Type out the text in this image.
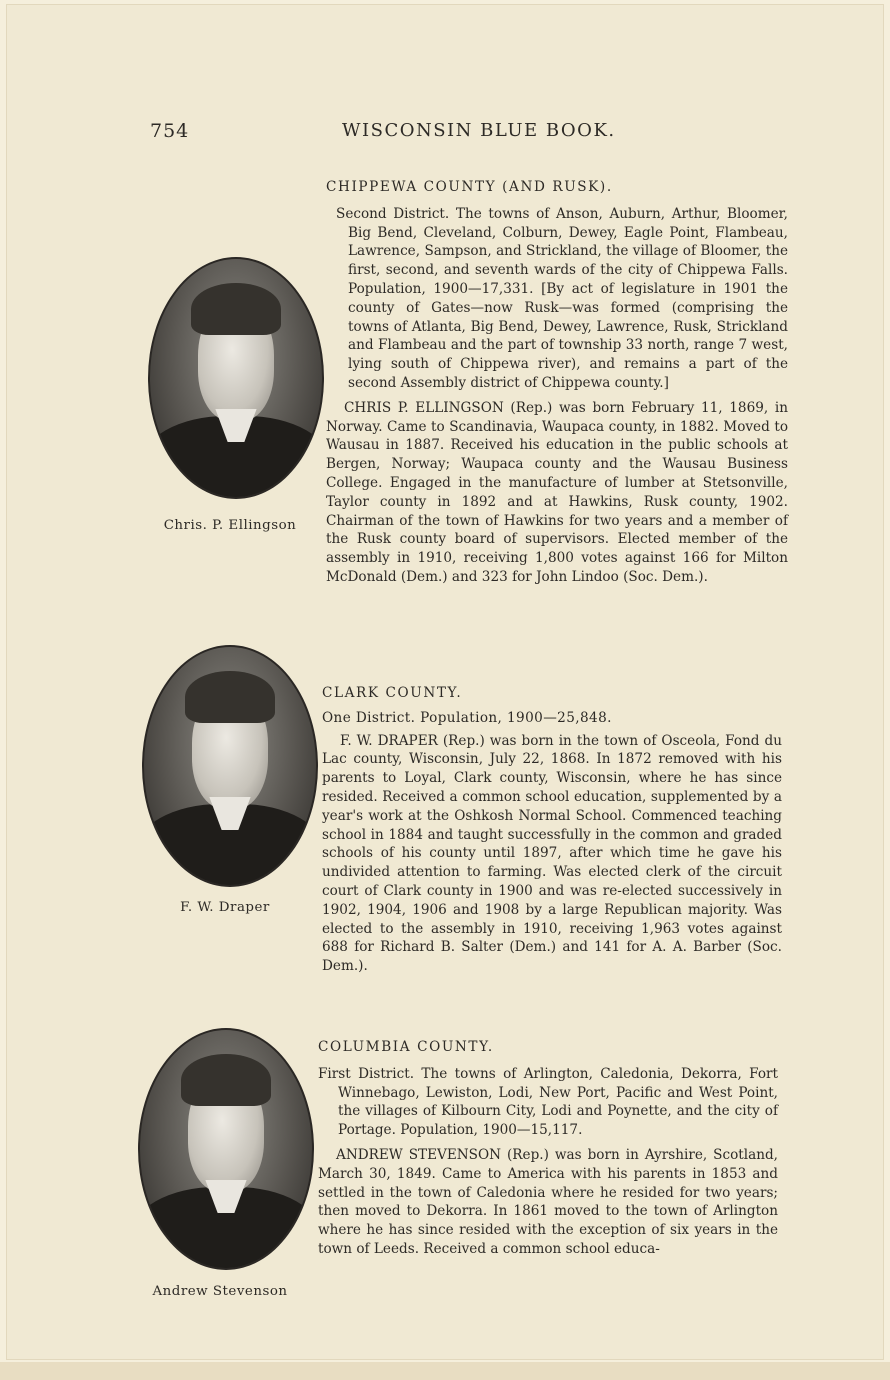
754	WISCONSIN BLUE BOOK.
Chris. P. Ellingson
F. W. Draper
Andrew Stevenson

CHIPPEWA COUNTY (AND RUSK).

Second District. The towns of Anson, Auburn, Arthur, Bloomer, Big Bend, Cleveland, Colburn, Dewey, Eagle Point, Flambeau, Lawrence, Sampson, and Strickland, the village of Bloomer, the first, second, and seventh wards of the city of Chippewa Falls. Population, 1900—17,331. [By act of legislature in 1901 the county of Gates—now Rusk—was formed (comprising the towns of Atlanta, Big Bend, Dewey, Lawrence, Rusk, Strickland and Flambeau and the part of township 33 north, range 7 west, lying south of Chippewa river), and remains a part of the second Assembly district of Chippewa county.]

CHRIS P. ELLINGSON (Rep.) was born February 11, 1869, in Norway. Came to Scandinavia, Waupaca county, in 1882. Moved to Wausau in 1887. Received his education in the public schools at Bergen, Norway; Waupaca county and the Wausau Business College. Engaged in the manufacture of lumber at Stetsonville, Taylor county in 1892 and at Hawkins, Rusk county, 1902. Chairman of the town of Hawkins for two years and a member of the Rusk county board of supervisors. Elected member of the assembly in 1910, receiving 1,800 votes against 166 for Milton McDonald (Dem.) and 323 for John Lindoo (Soc. Dem.).

CLARK COUNTY.

One District. Population, 1900—25,848.

F. W. DRAPER (Rep.) was born in the town of Osceola, Fond du Lac county, Wisconsin, July 22, 1868. In 1872 removed with his parents to Loyal, Clark county, Wisconsin, where he has since resided. Received a common school education, supplemented by a year's work at the Oshkosh Normal School. Commenced teaching school in 1884 and taught successfully in the common and graded schools of his county until 1897, after which time he gave his undivided attention to farming. Was elected clerk of the circuit court of Clark county in 1900 and was re-elected successively in 1902, 1904, 1906 and 1908 by a large Republican majority. Was elected to the assembly in 1910, receiving 1,963 votes against 688 for Richard B. Salter (Dem.) and 141 for A. A. Barber (Soc. Dem.).

COLUMBIA COUNTY.

First District. The towns of Arlington, Caledonia, Dekorra, Fort Winnebago, Lewiston, Lodi, New Port, Pacific and West Point, the villages of Kilbourn City, Lodi and Poynette, and the city of Portage. Population, 1900—15,117.

ANDREW STEVENSON (Rep.) was born in Ayrshire, Scotland, March 30, 1849. Came to America with his parents in 1853 and settled in the town of Caledonia where he resided for two years; then moved to Dekorra. In 1861 moved to the town of Arlington where he has since resided with the exception of six years in the town of Leeds. Received a common school educa-
